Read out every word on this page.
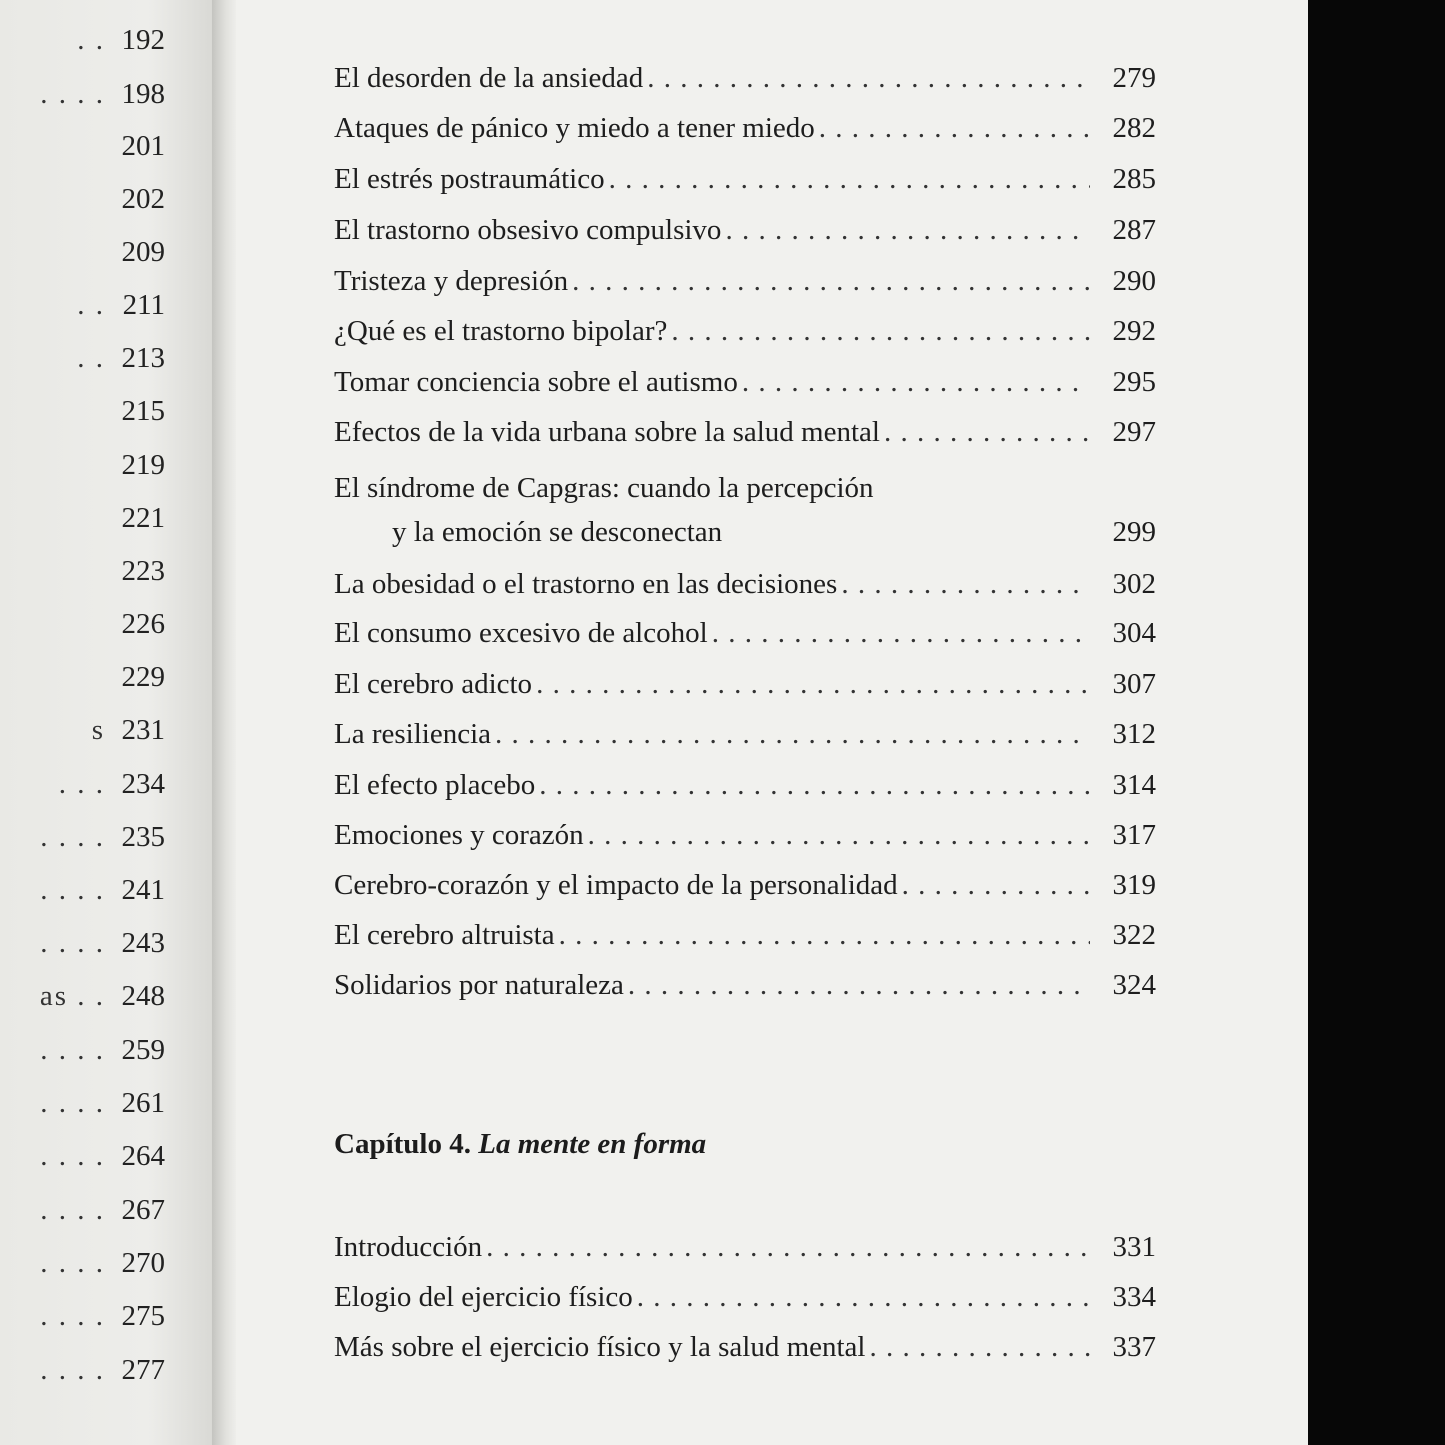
. . 192
. . . . 198
201
202
209
. . 211
. . 213
215
219
221
223
226
229
s 231
. . . 234
. . . . 235
. . . . 241
. . . . 243
as . . 248
. . . . 259
. . . . 261
. . . . 264
. . . . 267
. . . . 270
. . . . 275
. . . . 277
Capítulo 4. La mente en forma
El desorden de la ansiedad . . .	279
Ataques de pánico y miedo a tener miedo . . .	282
El estrés postraumático . . .	285
El trastorno obsesivo compulsivo . . .	287
Tristeza y depresión . . .	290
¿Qué es el trastorno bipolar? . . .	292
Tomar conciencia sobre el autismo . . .	295
Efectos de la vida urbana sobre la salud mental . . .	297
El síndrome de Capgras: cuando la percepción
y la emoción se desconectan	299
La obesidad o el trastorno en las decisiones . . .	302
El consumo excesivo de alcohol . . .	304
El cerebro adicto . . .	307
La resiliencia . . .	312
El efecto placebo . . .	314
Emociones y corazón . . .	317
Cerebro-corazón y el impacto de la personalidad . . .	319
El cerebro altruista . . .	322
Solidarios por naturaleza . . .	324
Introducción . . .	331
Elogio del ejercicio físico . . .	334
Más sobre el ejercicio físico y la salud mental . . .	337
